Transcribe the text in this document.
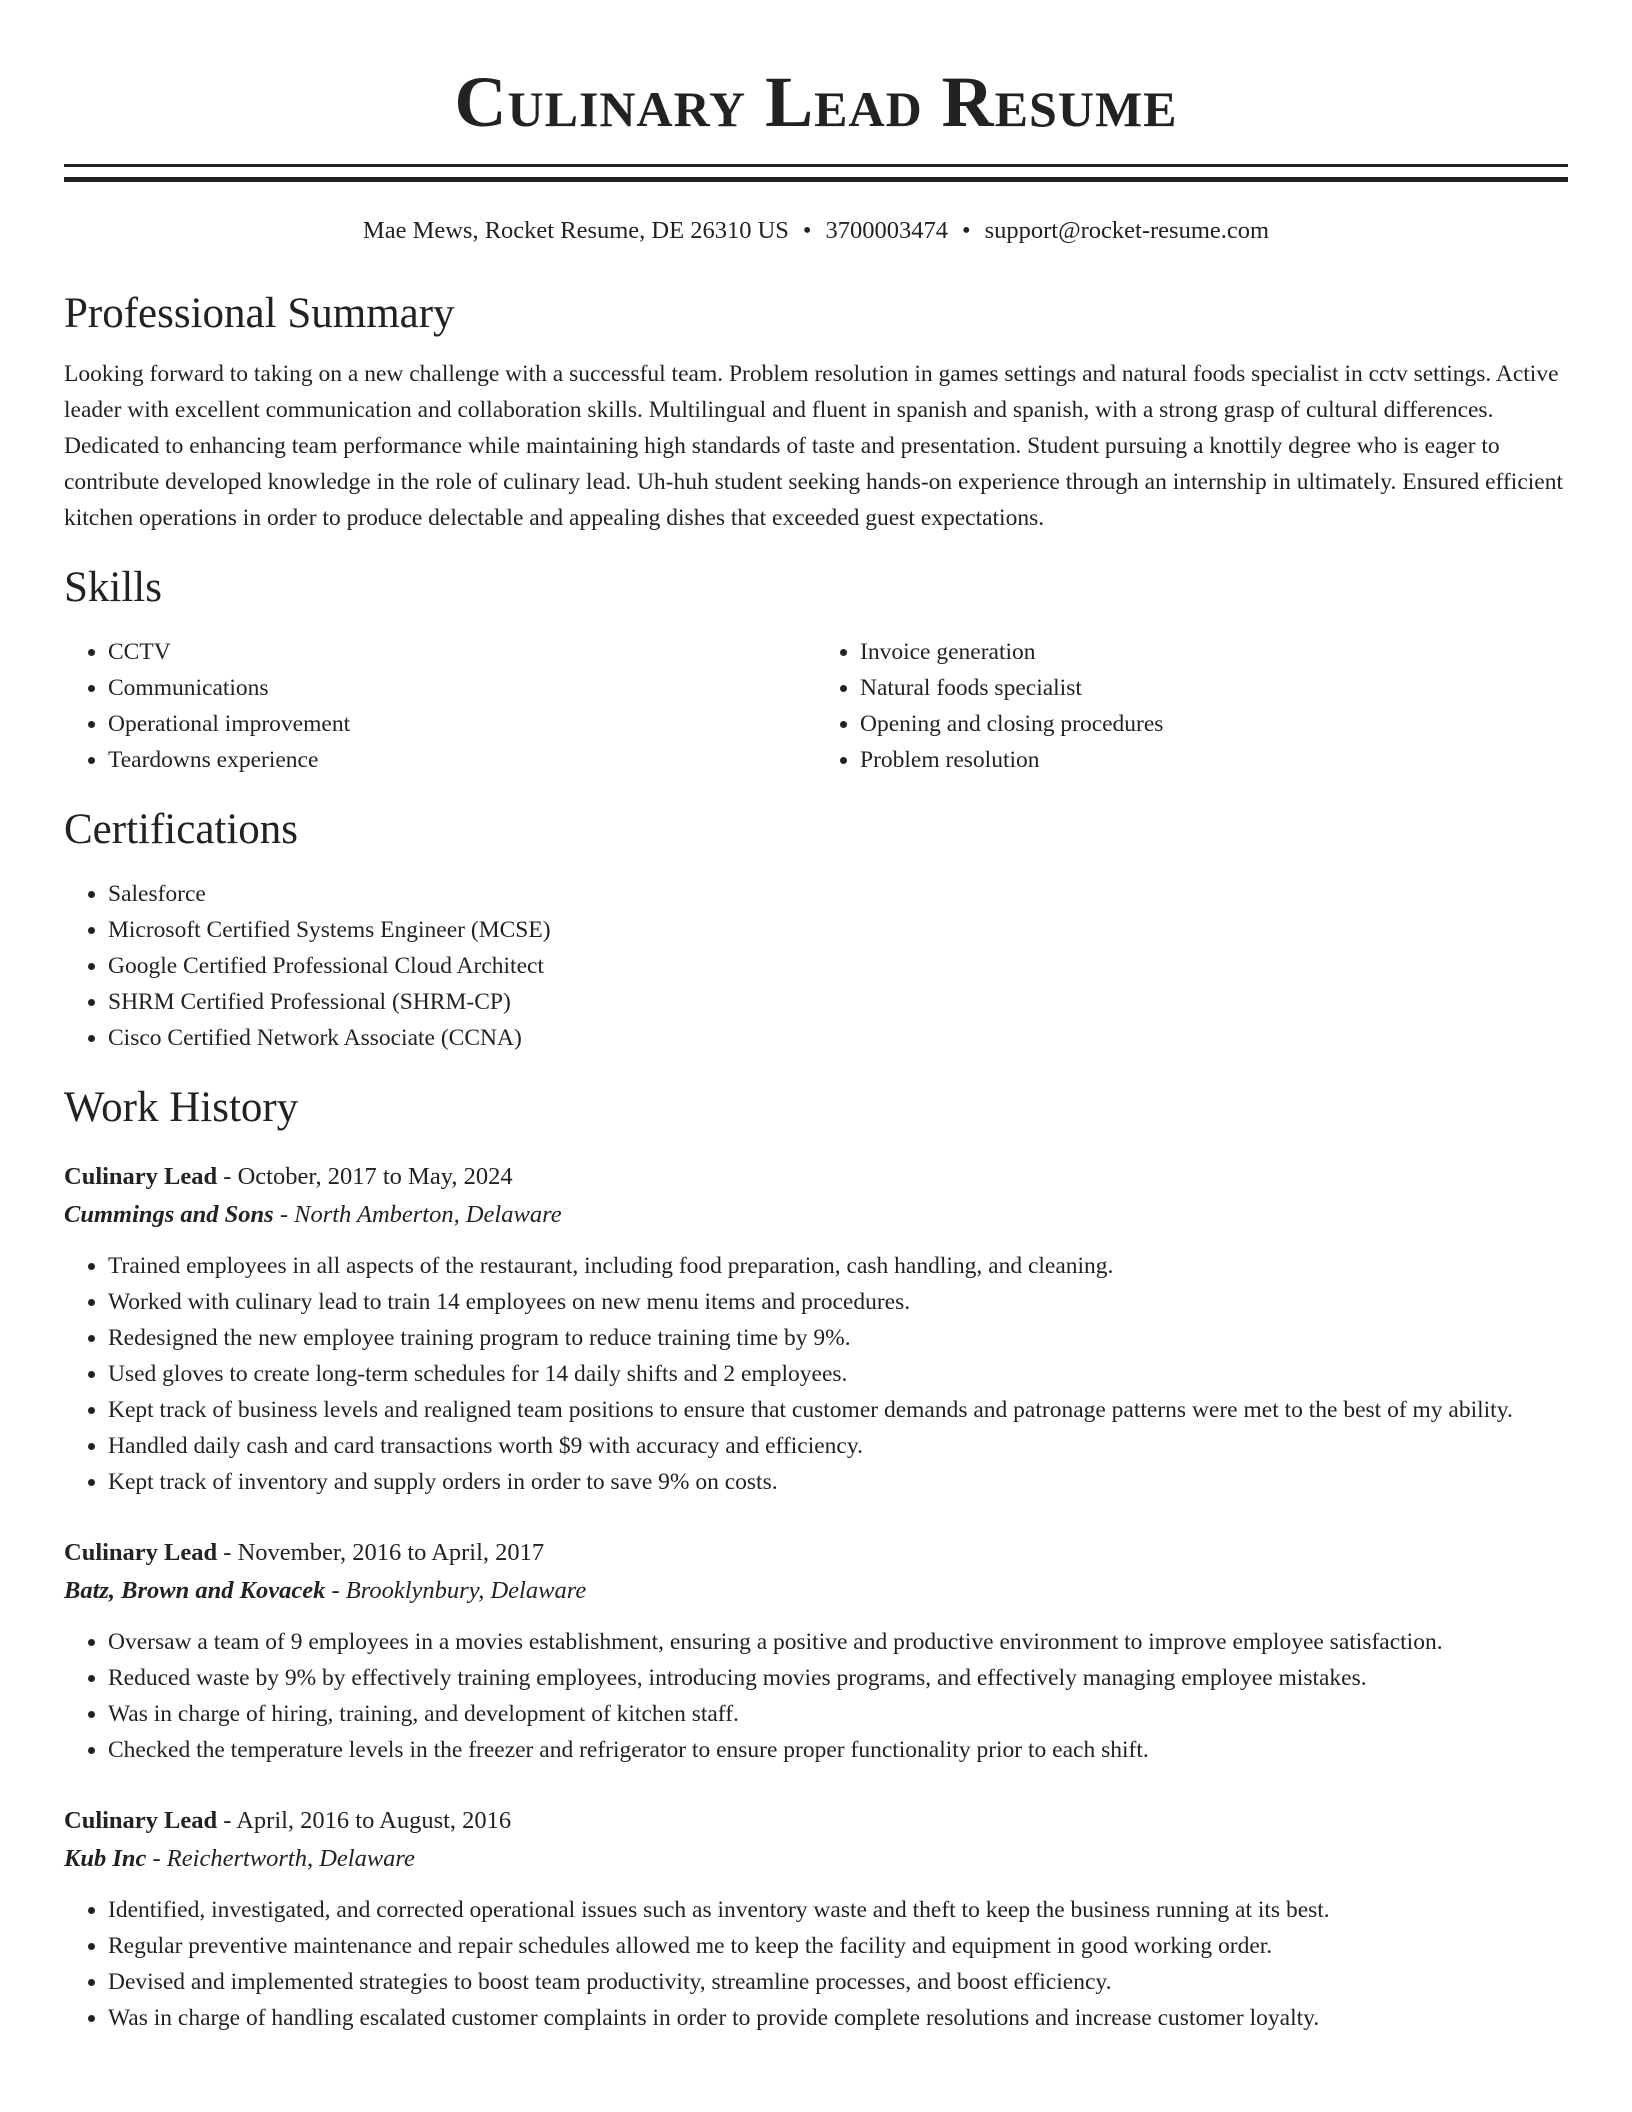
Culinary Lead Resume
Mae Mews, Rocket Resume, DE 26310 US • 3700003474 • support@rocket-resume.com
Professional Summary

Looking forward to taking on a new challenge with a successful team. Problem resolution in games settings and natural foods specialist in cctv settings. Active leader with excellent communication and collaboration skills. Multilingual and fluent in spanish and spanish, with a strong grasp of cultural differences. Dedicated to enhancing team performance while maintaining high standards of taste and presentation. Student pursuing a knottily degree who is eager to contribute developed knowledge in the role of culinary lead. Uh-huh student seeking hands-on experience through an internship in ultimately. Ensured efficient kitchen operations in order to produce delectable and appealing dishes that exceeded guest expectations.

Skills
• CCTV
• Communications
• Operational improvement
• Teardowns experience
• Invoice generation
• Natural foods specialist
• Opening and closing procedures
• Problem resolution
Certifications
• Salesforce
• Microsoft Certified Systems Engineer (MCSE)
• Google Certified Professional Cloud Architect
• SHRM Certified Professional (SHRM-CP)
• Cisco Certified Network Associate (CCNA)
Work History
Culinary Lead - October, 2017 to May, 2024
Cummings and Sons - North Amberton, Delaware
• Trained employees in all aspects of the restaurant, including food preparation, cash handling, and cleaning.
• Worked with culinary lead to train 14 employees on new menu items and procedures.
• Redesigned the new employee training program to reduce training time by 9%.
• Used gloves to create long-term schedules for 14 daily shifts and 2 employees.
• Kept track of business levels and realigned team positions to ensure that customer demands and patronage patterns were met to the best of my ability.
• Handled daily cash and card transactions worth $9 with accuracy and efficiency.
• Kept track of inventory and supply orders in order to save 9% on costs.
Culinary Lead - November, 2016 to April, 2017
Batz, Brown and Kovacek - Brooklynbury, Delaware
• Oversaw a team of 9 employees in a movies establishment, ensuring a positive and productive environment to improve employee satisfaction.
• Reduced waste by 9% by effectively training employees, introducing movies programs, and effectively managing employee mistakes.
• Was in charge of hiring, training, and development of kitchen staff.
• Checked the temperature levels in the freezer and refrigerator to ensure proper functionality prior to each shift.
Culinary Lead - April, 2016 to August, 2016
Kub Inc - Reichertworth, Delaware
• Identified, investigated, and corrected operational issues such as inventory waste and theft to keep the business running at its best.
• Regular preventive maintenance and repair schedules allowed me to keep the facility and equipment in good working order.
• Devised and implemented strategies to boost team productivity, streamline processes, and boost efficiency.
• Was in charge of handling escalated customer complaints in order to provide complete resolutions and increase customer loyalty.
